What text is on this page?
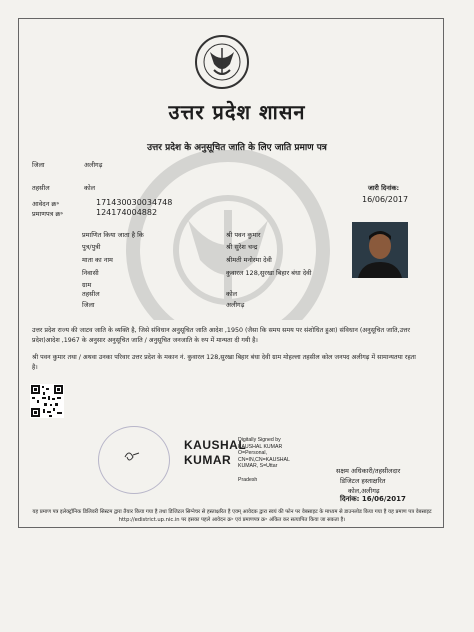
उत्तर प्रदेश शासन
उत्तर प्रदेश के अनुसूचित जाति के लिए जाति प्रमाण पत्र
जिला	अलीगढ़
तहसील	कोल
आवेदन क्र॰	171430030034748
प्रमाणपत्र क्र॰	124174004882
जारी दिनांक:
16/06/2017
प्रमाणित किया जाता है कि	श्री पवन कुमार
पुत्र/पुत्री	श्री सुरेश चन्द्र
माता का नाम	श्रीमती मनोरमा देवी
निवासी	कुवारल 128,सुरखा बिहार बंधा देवी
ग्राम
तहसील	कोल
जिला	अलीगढ़
उत्तर प्रदेश राज्य की जाटव जाति के व्यक्ति है, जिसे संविधान अनुसूचित जाति आदेश ,1950 (जैसा कि समय समय पर संशोधित हुआ) संविधान (अनुसूचित जाति,उत्तर प्रदेश)आदेश ,1967 के अनुसार अनुसूचित जाति / अनुसूचित जनजाति के रुप में मान्यता दी गयी है।
श्री पवन कुमार तथा / अथवा उनका परिवार उत्तर प्रदेश के मकान नं. कुवारल 128,सुरखा बिहार बंधा देवी ग्राम मोहल्ला तहसील कोल जनपद अलीगढ़ में सामान्यतया रहता है।
KAUSHAL
KUMAR
Digitally Signed by
KAUSHAL KUMAR
O=Personal,
CN=IN,CN=KAUSHAL
KUMAR, S=Uttar
Pradesh
सक्षम अधिकारी/तहसीलदार
डिजिटल हस्ताक्षरित
कोल,अलीगढ़
दिनांक: 16/06/2017
यह प्रमाण पत्र इलेक्ट्रॉनिक डिलिवरी सिस्टम द्वारा तैयार किया गया है तथा डिजिटल सिग्नेचर से हस्ताक्षरित है एवम् आवेदक द्वारा स्वयं की फोन पर वेबसाइट के माध्यम से डाउनलोड किया गया है यह प्रमाण पत्र वेबसाइट http://edistrict.up.nic.in पर इसका पहले आवेदन क्र॰ एवं प्रमाणपत्र क्र॰ अंकित कर सत्यापित किया जा सकता है।
